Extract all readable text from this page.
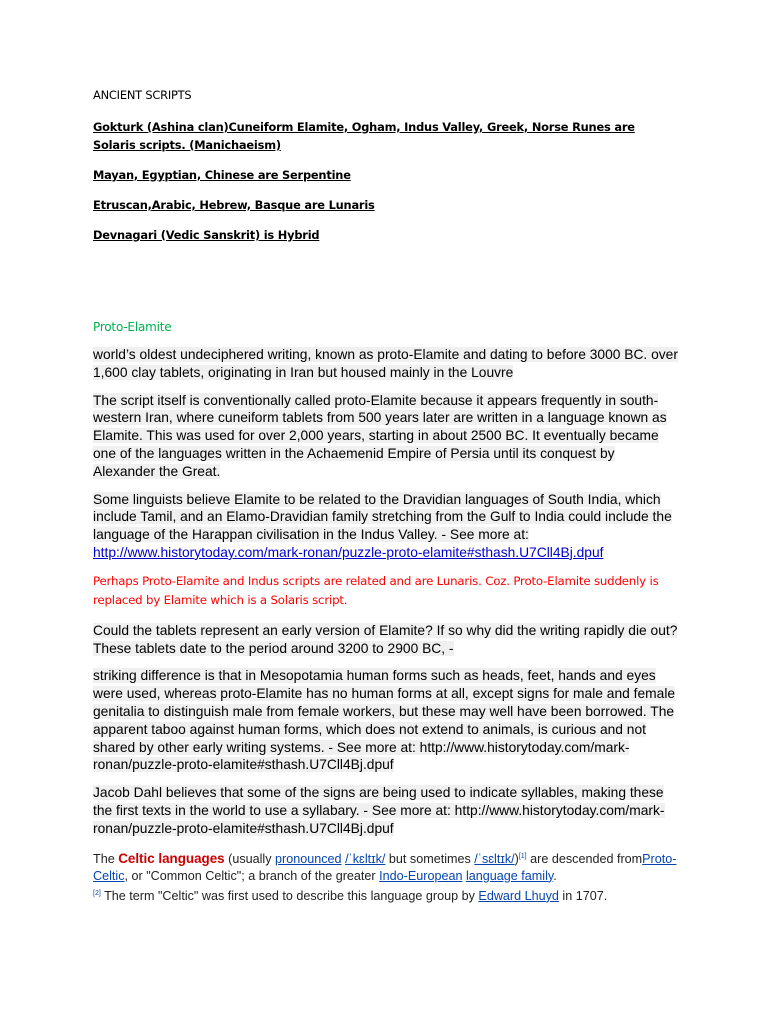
ANCIENT SCRIPTS

Gokturk (Ashina clan)Cuneiform Elamite, Ogham, Indus Valley, Greek, Norse Runes are Solaris scripts. (Manichaeism)

Mayan, Egyptian, Chinese are Serpentine

Etruscan,Arabic, Hebrew, Basque are Lunaris

Devnagari (Vedic Sanskrit) is Hybrid

Proto-Elamite

world’s oldest undeciphered writing, known as proto-Elamite and dating to before 3000 BC. over 1,600 clay tablets, originating in Iran but housed mainly in the Louvre

The script itself is conventionally called proto-Elamite because it appears frequently in south-western Iran, where cuneiform tablets from 500 years later are written in a language known as Elamite. This was used for over 2,000 years, starting in about 2500 BC. It eventually became one of the languages written in the Achaemenid Empire of Persia until its conquest by Alexander the Great.

Some linguists believe Elamite to be related to the Dravidian languages of South India, which include Tamil, and an Elamo-Dravidian family stretching from the Gulf to India could include the language of the Harappan civilisation in the Indus Valley. - See more at: http://www.historytoday.com/mark-ronan/puzzle-proto-elamite#sthash.U7Cll4Bj.dpuf

Perhaps Proto-Elamite and Indus scripts are related and are Lunaris. Coz. Proto-Elamite suddenly is replaced by Elamite which is a Solaris script.

Could the tablets represent an early version of Elamite? If so why did the writing rapidly die out? These tablets date to the period around 3200 to 2900 BC, -

striking difference is that in Mesopotamia human forms such as heads, feet, hands and eyes were used, whereas proto-Elamite has no human forms at all, except signs for male and female genitalia to distinguish male from female workers, but these may well have been borrowed. The apparent taboo against human forms, which does not extend to animals, is curious and not shared by other early writing systems. - See more at: http://www.historytoday.com/mark-ronan/puzzle-proto-elamite#sthash.U7Cll4Bj.dpuf

Jacob Dahl believes that some of the signs are being used to indicate syllables, making these the first texts in the world to use a syllabary. - See more at: http://www.historytoday.com/mark-ronan/puzzle-proto-elamite#sthash.U7Cll4Bj.dpuf

The Celtic languages (usually pronounced /ˈkɛltɪk/ but sometimes /ˈsɛltɪk/)[1] are descended fromProto-Celtic, or "Common Celtic"; a branch of the greater Indo-European language family.
[2] The term "Celtic" was first used to describe this language group by Edward Lhuyd in 1707.
